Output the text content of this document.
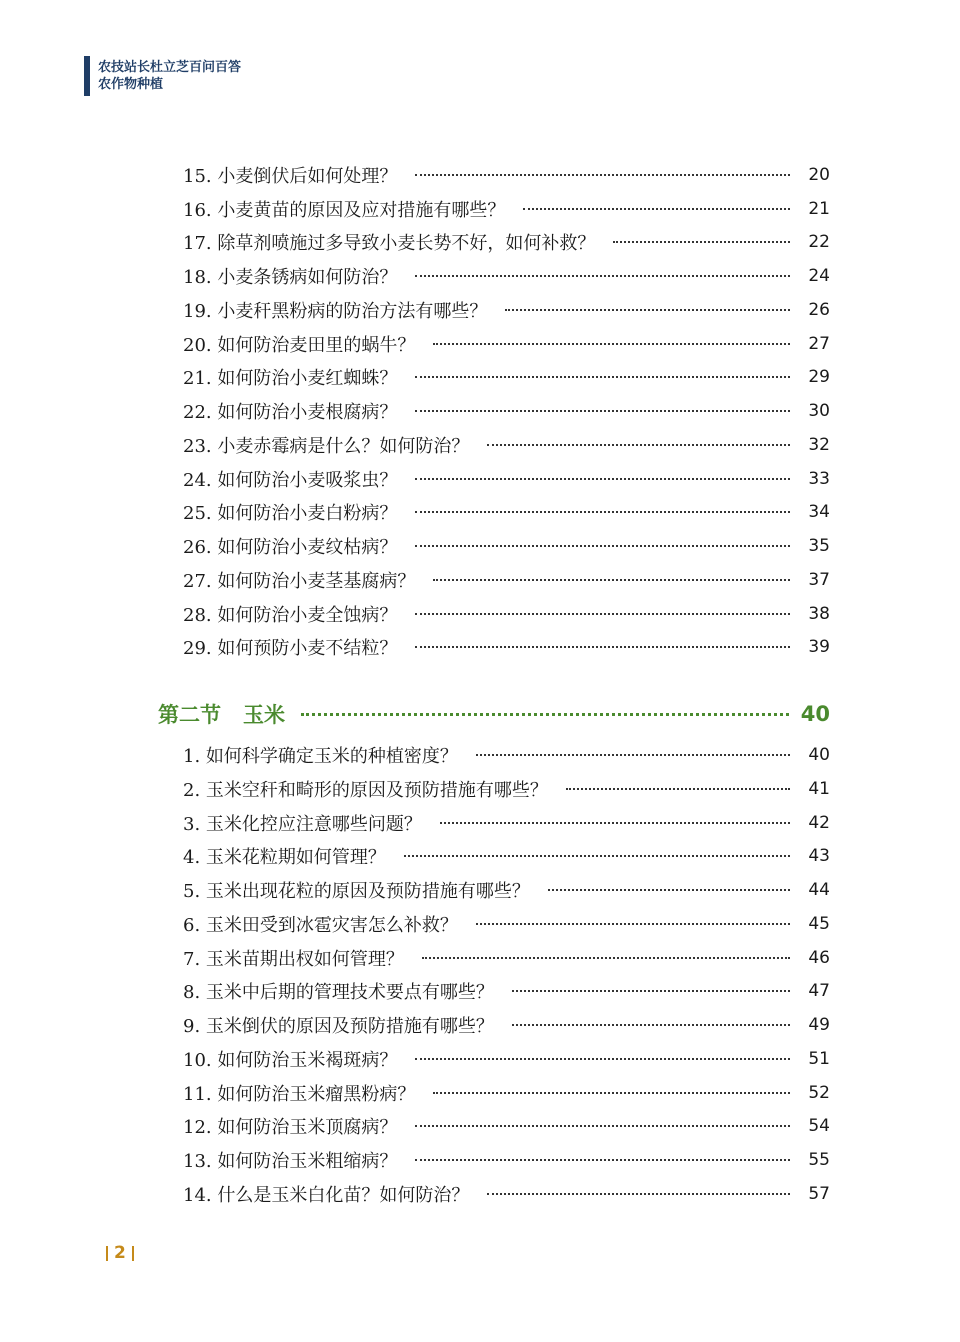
农技站长杜立芝百问百答
农作物种植
15. 小麦倒伏后如何处理？	20
16. 小麦黄苗的原因及应对措施有哪些？	21
17. 除草剂喷施过多导致小麦长势不好，如何补救？	22
18. 小麦条锈病如何防治？	24
19. 小麦秆黑粉病的防治方法有哪些？	26
20. 如何防治麦田里的蜗牛？	27
21. 如何防治小麦红蜘蛛？	29
22. 如何防治小麦根腐病？	30
23. 小麦赤霉病是什么？如何防治？	32
24. 如何防治小麦吸浆虫？	33
25. 如何防治小麦白粉病？	34
26. 如何防治小麦纹枯病？	35
27. 如何防治小麦茎基腐病？	37
28. 如何防治小麦全蚀病？	38
29. 如何预防小麦不结粒？	39
第二节 玉米	40
1. 如何科学确定玉米的种植密度？	40
2. 玉米空秆和畸形的原因及预防措施有哪些？	41
3. 玉米化控应注意哪些问题？	42
4. 玉米花粒期如何管理？	43
5. 玉米出现花粒的原因及预防措施有哪些？	44
6. 玉米田受到冰雹灾害怎么补救？	45
7. 玉米苗期出杈如何管理？	46
8. 玉米中后期的管理技术要点有哪些？	47
9. 玉米倒伏的原因及预防措施有哪些？	49
10. 如何防治玉米褐斑病？	51
11. 如何防治玉米瘤黑粉病？	52
12. 如何防治玉米顶腐病？	54
13. 如何防治玉米粗缩病？	55
14. 什么是玉米白化苗？如何防治？	57
2
